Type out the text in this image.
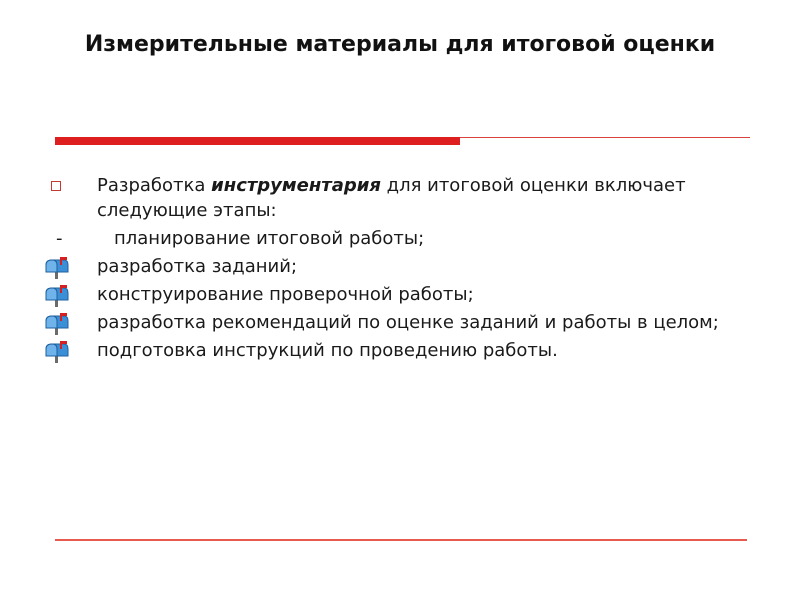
Измерительные материалы для итоговой оценки
Разработка инструментария для итоговой оценки включает следующие этапы:
-	планирование итоговой работы;
разработка заданий;
конструирование проверочной работы;
разработка рекомендаций по оценке заданий и работы в целом;
подготовка инструкций по проведению работы.
